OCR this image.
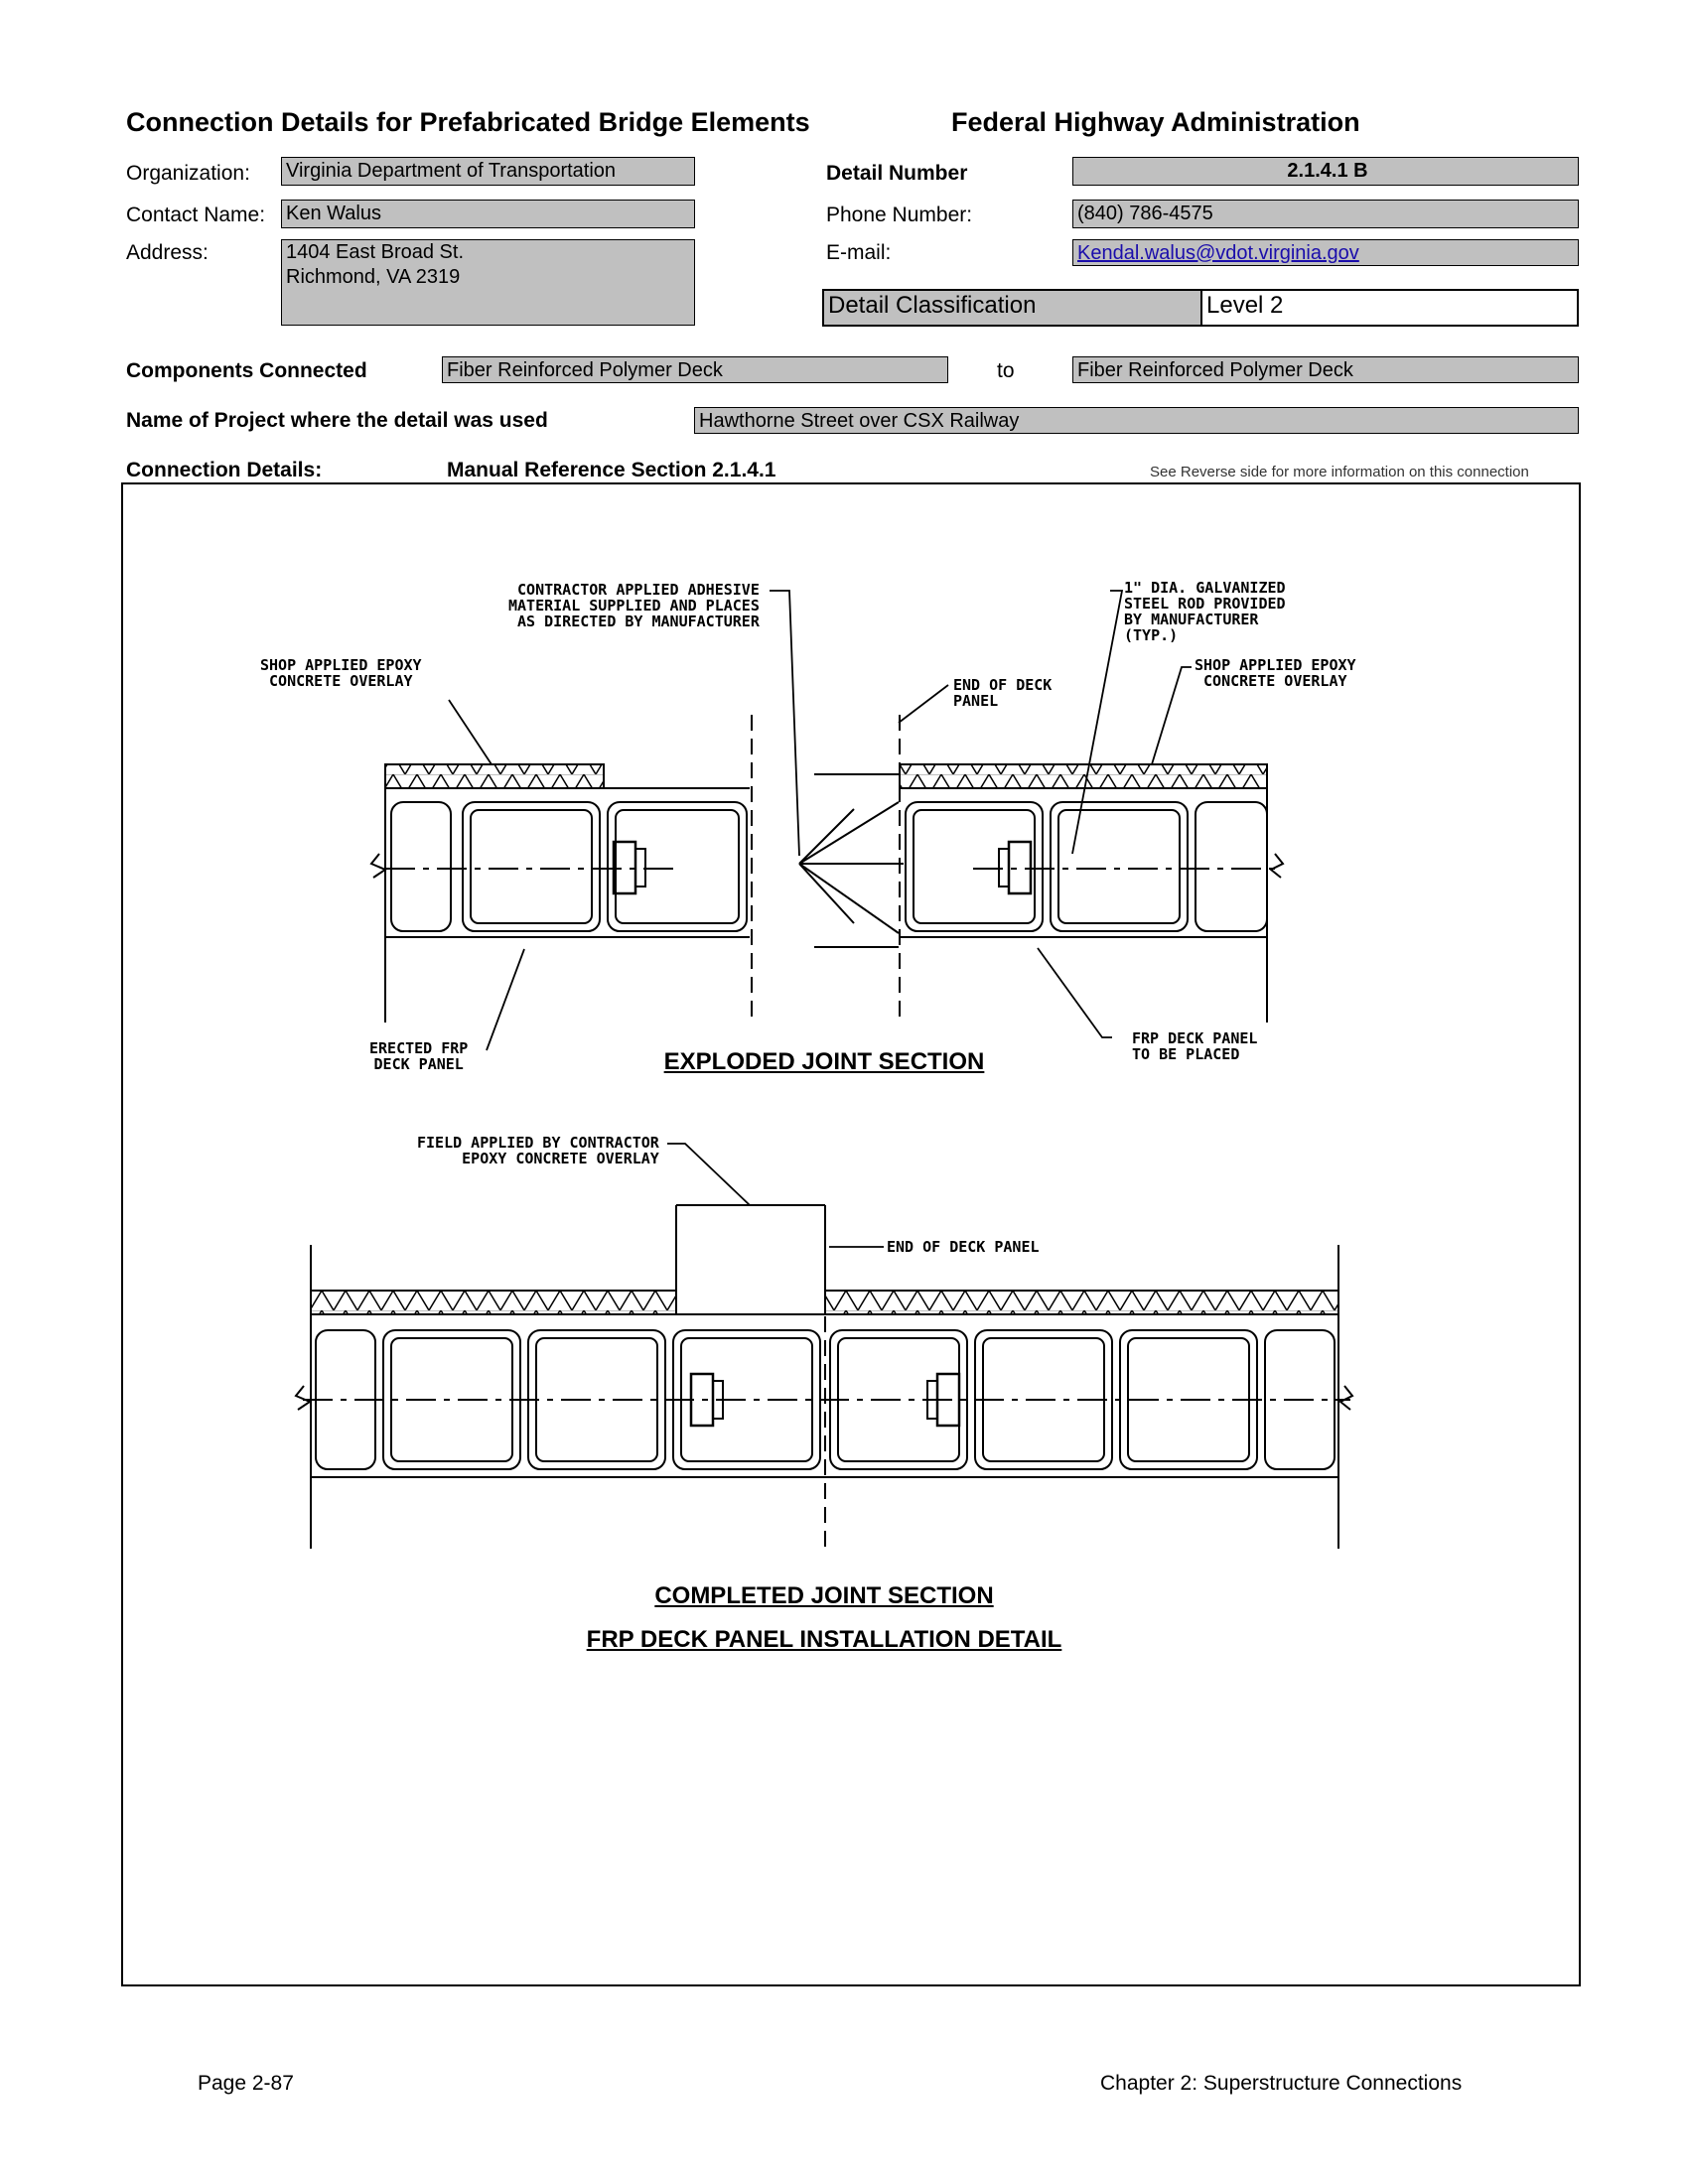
Connection Details for Prefabricated Bridge Elements	Federal Highway Administration
Organization: Virginia Department of Transportation
Contact Name: Ken Walus
Address:	1404 East Broad St.
Richmond, VA 2319
Detail Number	2.1.4.1 B
Phone Number:	(840) 786-4575
E-mail:	Kendal.walus@vdot.virginia.gov
Detail Classification	Level 2
Components Connected	Fiber Reinforced Polymer Deck	to	Fiber Reinforced Polymer Deck
Name of Project where the detail was used	Hawthorne Street over CSX Railway
Connection Details:	Manual Reference Section 2.1.4.1	See Reverse side for more information on this connection
CONTRACTOR APPLIED ADHESIVE
MATERIAL SUPPLIED AND PLACES
AS DIRECTED BY MANUFACTURER
1" DIA. GALVANIZED
STEEL ROD PROVIDED
BY MANUFACTURER
(TYP.)
SHOP APPLIED EPOXY
CONCRETE OVERLAY
SHOP APPLIED EPOXY
CONCRETE OVERLAY
END OF DECK
PANEL
ERECTED FRP
DECK PANEL
FRP DECK PANEL
TO BE PLACED
EXPLODED JOINT SECTION
FIELD APPLIED BY CONTRACTOR
EPOXY CONCRETE OVERLAY
END OF DECK PANEL
COMPLETED JOINT SECTION
FRP DECK PANEL INSTALLATION DETAIL
Page 2-87	Chapter 2: Superstructure Connections
